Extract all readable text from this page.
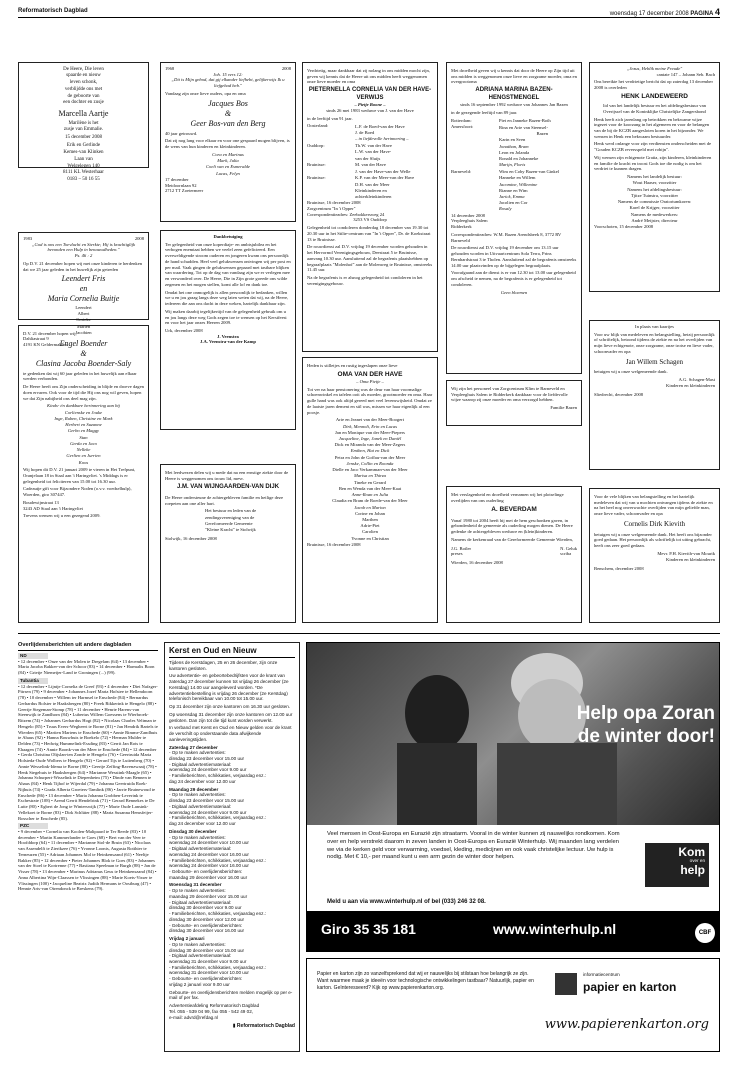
Reformatorisch Dagblad	woensdag 17 december 2008 PAGINA 4
De Heere, Die leven
spaarde en nieuw
leven schonk,
verblijdde ons met
de geboorte van
een dochter en zusje
Marcella Aartje
Marilène is het
zusje van Emmalie.
15 december 2008
Erik en Gerlinde
Kemes-van Klinken
Laan van
Welgelegen 140
8111 KL Westerhaar
0183 – 50 16 55
1983	2008
„God is ons een Toevlucht en Sterkte; Hij is krachtiglijk bevonden een Hulp in benauwdheden."
Ps. 46 : 2

Op D.V. 21 december hopen wij met onze kinderen te herdenken dat we 25 jaar geleden in het huwelijk zijn getreden

Leendert Fris
en
Maria Cornelia Buitje
Leendert
Albert
Corieke
Marien
Jacobien
Dahliastraat 9
4191 KN Geldermalsen

D.V. 21 december hopen wij,

Engel Boender
&
Clasina Jacoba Boender-Saly

te gedenken dat wij 60 jaar geleden in het huwelijk aan elkaar werden verbonden.

De Heere heeft ons Zijn onderscheiding in blijde en droeve dagen doen ervaren. Ook voor de tijd die Hij ons nog wil geven, hopen we dat Zijn nabijheid ons deel mag zijn.

Kinds- én dankbare herinnering aan bij
Corlienske en Jouke
Inge, Ruben, Christine en Mark
Herbert en Suzanne
Gerbo en Maggy
Stan
Gerda en Jaco
Nelleke
Gerlien en Jurrien
Koos

Wij hopen dit D.V. 21 januari 2009 te vieren in Het Trefpunt, Oranjelaan 18 in Staal aan 't Haringvliet. 's Middags is er gelegenheid tot feliciteren van 15.00 tot 16.30 uur.

Cadeautje gift voor Bijzondere Noden (o.v.v. voedselhulp), Woerden, giro 307447.

Boudewijnstraat 13
3243 AD Staal aan 't Haringvliet

Trevens wensen wij u een gezegend 2009.

1968	2008
Joh. 15 vers 12:
„Dit is Mijn gebod, dat gij elkander liefhebt, gelijkerwijs Ik u liefgehad heb."

Vandaag zijn onze lieve ouders, opa en oma

Jacques Bos
&
Geer Bos-van den Berg

40 jaar getrouwd.

Dat zij nog lang voor elkaar en voor one gespaard mogen blijven, is de wens van hun kinderen en kleinkinderen.

Cora en Marinus
Mark, Julia
Coeli van en Esmeralde
Lucas, Felyn
17 december
Meidoornlaan 92
2712 TT Zoetermeer
Dankbetuiging

Ter gelegenheid van onze koperdiaje- en ambtsjubilea en het verbogen enemtaat hebben we veelel zeen gefelicteerd. Een overweldigende stroom ouderen en jongeren kwam ons persoonlijk de hand schudden. Heel veel gelukwensen ontvingen wij per post en per mail. Vaak gingen de gelukwensen gepaard met tastbare blijken van waardering. Tot op de dag van vandaag zijn we er verlegen mee en verwonderd over. De Heere, Die in Zijn grote goeede ons wilde zegenen en het mogen stellen, komt alle lof en dank toe.

Omdat het one onmogelijk is allen persoonlijk te bedanken, willen we u en jou graag langs deze weg laten weten dat wij, na de Heere, iedereen die aan ons dacht in deze weken, hartelijk dankbaar zijn.

Wij maken daarbij tegelijkertijd van de gelegenheid gebruik om u en jou langs deze weg Gods zegen toe te wensen op het Kerstfeest en voor het jaar onzes Heeren 2009.

Urk, december 2008
J. Veenstra
J.A. Veenstra-van der Kamp

Met leedwezen delen wij u mede dat na een ernstige ziekte door de Heere is weggenomen ons trouw lid, mevr.

J.M. VAN WIJNGAARDEN-VAN DIJK

De Heere ondersteune de achtergebleven familie en heilige deze roepeten aan one aller hart.

Het bestuur en leden van de
zendingsvereniging van de
Gereformeerde Gemeente
"Kleine Kracht" te Stolwijk
Stolwijk, 16 december 2008

Verdrietig, maar dankbaar dat zij nolang in ons midden mocht zijn, geven wij kennis dat de Heere uit ons midden heeft weggenomen onze lieve moeder en oma

PIETERNELLA CORNELIA VAN DER HAVE-VERWIJS
– Pietje Boone –
sinds 26 mei 1983 weduwe van J. van der Have

in de leeftijd van 91 jaar.

Oosterland:	L.F. de Boed-van der Have
J. de Boed
– in liefdevolle herinnering –
Ouddorp:	Th.W. van der Have
L.W. van der Have-
van der Sluijs
Bruinisse:	M. van der Have
J. van der Have-van der Welle
Bruinisse:	K.P. van der Meer-van der Have
D.H. van der Meer
Kleinkinderen en
achterkleinkinderen
Bruinisse, 16 december 2008
Zorgcentrum "In 't Opper"
Correspondentieadres: Zeebokkersweg 24
3253 VS Ouddorp

Gelegenheid tot condoleren donderdag 18 december van 19.30 tot 20.30 uur in het Stilte-centrum van "In 't Opper", Dr. de Koekstraat 13 te Bruinisse.

De rouwdienst zal D.V. vrijdag 19 december worden gehouden in het Hervormd Verenigingsgebouw, Deestraat 5 te Bruinisse, aanvang 10.30 uur. Aansluitend zal de begrafenis plaatshebben op begraafplaats "Molenhof" aan de Molenweg te Bruinisse, omstreeks 11.45 uur.

Na de begrafenis is er alsnog gelegenheid tot condoleren in het verenigingsgebouw.

Heden is stilletjes en rustig ingeslapen onze lieve

OMA VAN DER HAVE
– Oma Pietje –

Tot ver na haar pensionering was de deur van haar voormalige schoenwinkel en tafelen ooit als moeder, grootmoeder en oma. Haar gulle hand was ook altijd gereed met veel levenswijsheid. Omdat ze de laatste jaren dement en stil was, missen we haar eigenlijk al een poosje.

Arie en Jeanet van der Meer-Boogert
Dirk, Mennoli, Erin en Lucas
Jan en Monique van der Meer-Piepers
Jacqueline, Inge, Janek en Daniël
Dick en Miranda van der Meer-Zegers
Emiben, Hat en Dick
Petra en John de Goffau-van der Meer
Jenske, Collin en Roonda
Dielle en Jaco Verkamman-van der Meer
Marisa en Thirza
Tineke en Gerard
Ben en Wenda van der Meer-Kaat
Anne-Roan en Julia
Claudia en Bram de Roede-van der Meer
Jacob en Marion
Corine en Johan
Marthen
Adrie-Piet
Carolien
Yvonne en Christian
Bruinisse, 16 december 2008

Met droefheid geven wij u kennis dat door de Heere op Zijn tijd uit ons midden is weggenomen onze lieve en zorgzame moeder, oma en overgrootoma

ADRIANA MARINA BAZEN-HENGSTMENGEL
sinds 16 september 1992 weduwe van Johannes Jan Bazen

in de gezegende leeftijd van 89 jaar.

Rotterdam:	Piet en Janneke Bazen-Both
Amersfoort:	Rina en Arie van Steensel-
Bazen
Karin en Sven
Jonathan, Bram
Leon en Jolanda
Ronald en Johanneke
Marijn, Floris
Barneveld:	Wim en Coby Bazen-van Ginkel
Hanneke en Willem
Jacomine, Willemine
Rianne en Wim
Jarick, Emma
Jacolien en Cor
Rosaly
14 december 2008
Verpleeghuis Salem
Ridderkerk

Correspondentieadres: W.M. Bazen Arendsbeek 8, 3772 RV Barneveld

De rouwdienst zal D.V. vrijdag 19 december om 13.15 uur gehouden worden in Uitvaartcentrum Sola Terra, Prins Bernhardstraat 3 te Tholen. Aansluitend zal de begrafenis omstreeks 14.00 uur plaatsvinden op de bijgelegen begraafplaats.

Voorafgaand aan de dienst is er van 12.30 tot 13.00 uur gelegenheid om afscheid te nemen, na de begrafenis is er gelegenheid tot condoleren.

Geen bloemen

Wij zijn het personeel van Zorgcentrum Klim te Barneveld en Verpleeghuis Salem te Ridderkerk dankbaar voor de liefdevolle wijze waarop zij onze moeder en oma verzorgd hebben.

Familie Bazen

Met verslagenheid en droefheid vernamen wij het plotselinge overlijden van ons ouderling

A. BEVERDAM

Vanaf 1980 tot 2004 heeft hij met de hem geschonken gaven, in gebondenheid de gemeente als ouderling mogen dienen. De Heere gedenke de achtergebleven weduwe en (klein)kinderen.

Namens de kerkenraad van de Gereformeerde Gemeente Wierden,

J.G. Boiler
preses
N. Geluk
scriba
Wierden, 16 december 2008
„Jezus, Heblik meine Freude"
cantate 147 – Johann Seb. Bach

Ons bereikte het verdrietige bericht dat op zaterdag 13 december 2008 is overleden

HENK LANDEWEERD

lid van het landelijk bestuur en het afdelingsbestuur van Overijssel van de Koninklijke Christelijke Zangersbond

Henk heeft zich jarenlang op betrokken en bekwame wijze ingezet voor de koorzang in het algemeen en voor de belangen van de bij de KCZB aangesloten koren in het bijzonder. We wensen in Henk een bekwaam bestuurder.

Henk werd onlange voor zijn verdiensten onderscheiden met de "Gouden KCZB reversspeld met robijn".

Wij wensen zijn echtgenote Gratia, zijn kinderen, kleinkinderen en familie de kracht en troost Gods toe die nodig is om het verdriet te kunnen dragen.

Namens het landelijk bestuur:
Wout Haaser, voorzitter
Namens het afdelingsbestuur:
Tjitze Tuinstra, voorzitter
Namens de commissie Oratoriumkoren:
Karel de Krijger, voorzitter
Namens de medewerkers:
André Meijster, directeur
Voorschoten, 15 december 2008
In plaats van kaartjes

Voor uw blijk van medeleven en belangstelling, hetzij persoonlijk of schriftelijk, betoond tijdens de ziekte en na het overlijden van mijn lieve echtgenote, onze zorgzame, onze trotse en lieve vader, schoonvader en opa

Jan Willem Schagen

betuigen wij u onze welgemeende dank.

A.G. Schagen-Mast
Kinderen en kleinkinderen
Sliedrecht, december 2008

Voor de vele blijken van belangstelling en het hartelijk medeleven dat wij van u mochten ontvangen tijdens de ziekte en na het heel nog onverwachte overlijden van mijn geliefde man, onze lieve vader, schoonvader en opa

Cornelis Dirk Kievith

betuigen wij u onze welgemeende dank. Het heeft ons bijzonder goed gedaan. Het persoonlijk als schriftelijk tot uiting gebracht, heeft ons zeer goed gedaan.

Mevr. P.H. Kievith-van Mourik
Kinderen en kleinkinderen
Benschem, december 2008
Overlijdensberichten uit andere dagbladen
ND
• 12 december • Onze van der Molen te Dregelam (64) • 13 december • Maria Jacoba Bakker-van der Schoor (83) • 14 december • Harmalis Boon (84) • Grietje Niemeijer-Land te Groningen (...) (99).
Tubantia
• 12 december • Lijntje Cornelia de Greef (93) • 4 december • Diet Nafzger-Pitrsen (79) • 9 december • Johannes Jozef Maria Hofstee te Hellendoorn (78) • 10 december • Willem ter Harmsel te Enschede (84) • Bernardus Gerhardus Bolster te Haaksbergen (80) • Freek Rikkerink te Hengelo (88) • Geertje Stegeman-Stomp (78) • 11 december • Henrie Harens-van Steenwijk te Zandhorn (84) • Lubertus Willem Goessens te Wierbroek-Ritzem (74) • Johannes Gerhardus Hogt (82) • Nicolaas Charles Veltman te Hengelo (85) • Truus Evers-Wegheert te Borne (81) • Jan Hendrik Bartels te Wierden (65) • Martien Martens te Enschede (60) • Annie Rimme-Zandhuis te Ahaus (92) • Hanna Bouwhuis te Boekelo (72) • Herman Mulder te Delden (73) • Hedwig Hummelink-Essding (83) • Gerrit Jan Rots te Ehaagen (74) • Annie Boonk-van der Meer te Enschede (84) • 12 december • Gerda Christina Olijslan-ten Zonde te Hengelo (76) • Geertruida Maria Holsteda-Oude Wolbers te Hengelo (92) • Gerard Tijs te Luttenberg (70) • Annie Wesselink-Idema te Borne (80) • Geertje Zeffing-Ravenzwaaij (78) • Henk Stegehuis te Haaksbergen (64) • Marianne Wesstink-Maagle (65) • Johanna Schurpert-Wisselink te Diepenheim (75) • Dinde van Bennen te Ahaus (84) • Henk Tijhof te Wijerdal (79) • Johanna Geertruida Roek-Nijhuis (74) • Grada Alberta Groeters-Tamlink (86) • Jarrie Bruinewoud te Enschede (86) • 13 december • Maria Johanna Grobben-Leverink te Eschestrate (108) • Arend Gerrit Hendelrink (71) • Gerard Bennekes te De Lutte (80) • Egbert de Jong te Winterswijk (77) • Marie Oude Lansink-Vellekoet te Borne (83) • Dirk Schlüter (88) • Maria Susanna Hemsfeijer-Bosscher te Enschede (85).
PZC
• 9 december • Cornelia van Koolen-Malipaard te Ter Reede (83) • 10 december • Martin Kammerlander te Goes (68) • Bert van der Veer te Hoofddorp (64) • 11 december • Marianne Stol-de Bruin (63) • Nicolaas van Assendelft te Zierikzee (76) • Yvonne Loonis, Augusta Rotthier te Terneuzen (55) • Adriaan Johannes Mol te Heinkenszand (61) • Neeltje Bakker (85) • 12 december • Pieter Johannes Blok te Goes (83) • Johannes van der Stoel te Kortrenne (77) • Bastiana Speelman te Burgh (88) • Jan de Visser (78) • 13 december • Marinus Adrianus Geus te Heinkenszand (84) • Anna Albertina Wijn-Claassen te Vlissingen (88) • Marie Koets-Visser te Vlissingen (100) • Jacqueline Beatrix Judith Hermans te Oostburg (47) • Hennie Arts-van Oirendonck te Breskens (79).
Kerst en Oud en Nieuw

Tijdens de Kerstdagen, 25 en 26 december, zijn onze kantoren gesloten.

Uw advertentie- en gebeortebedrijfsten voor de krant van zaterdag 27 december kunnen tot vrijdag 26 december (2e Kerstdag) 14.00 uur aangeleverd worden. *De advertentiebestelling is vrijdag 26 december (2e Kerstdag) telefonisch bereikbaar van 10.00 tot 15.00 uur.

Op 31 december zijn onze kantoren om 16.30 uur gesloten.

Op woensdag 31 december zijn onze kantoren om 12.00 uur gesloten. Dan zijn tot die tijd kunt worden verwerkt.

In verband met Kerst en Oud en Nieuw gelden voor de krant de verschilt op onderstaande data afwijkende aanleveringstijden.

Zaterdag 27 december
- Op te maken advertenties:
dinsdag 23 december voor 15.00 uur
- Digitaal advertentiemateriaal:
woensdag 24 december voor 9.00 uur
- Familieberichten, schikkaties, verjaardag enz.:
dag 24 december voor 12.00 uur
Maandag 29 december
- Op te maken advertenties:
dinsdag 23 december voor 15.00 uur
- Digitaal advertentiemateriaal:
woensdag 24 december voor 9.00 uur
- Familieberichten, schikkaties, verjaardag enz.:
dag 24 december voor 12.00 uur
Dinsdag 30 december
- Op te maken advertenties:
woensdag 24 december voor 10.00 uur
- Digitaal advertentiemateriaal:
woensdag 24 december voor 16.00 uur
- Familieberichten, schikkaties, verjaardag enz.:
woensdag 24 december voor 16.00 uur
- Gebourte- en overlijdensberichten:
maandag 29 december voor 16.00 uur
Woensdag 31 december
- Op te maken advertenties:
maandag 29 december voor 15.00 uur
- Digitaal advertentiemateriaal:
dinsdag 30 december voor 9.00 uur
- Familieberichten, schikkaties, verjaardag enz.:
dinsdag 30 december voor 12.00 uur
- Gebourte- en overlijdensberichten:
dinsdag 30 december voor 16.00 uur
Vrijdag 2 januari
- Op te maken advertenties:
dinsdag 30 december voor 15.00 uur
- Digitaal advertentiemateriaal:
woensdag 31 december voor 9.00 uur
- Familieberichten, schikkaties, verjaardag enz.:
woensdag 31 december voor 10.00 uur
- Gebourte- en overlijdensberichten:
vrijdag 2 januari voor 9.00 uur

Gebourte- en overlijdensberichten melden mogelijk op per e-mail of per fax.

Advertentieafdeling Reformatorisch Dagblad
Tel. 055 - 539 04 99, fax 055 - 542 49 02,
e-mail: advrd@refdag.nl
▮ Reformatorisch Dagblad
Help opa Zoran
de winter door!
Veel mensen in Oost-Europa en Eurazië zijn straatarm. Vooral in de winter kunnen zij nauwelijks rondkomen. Kom over en help verstrekt daarom in zeven landen in Oost-Europa en Eurazië Winterhulp. Wij maanden lang verdelen we via de kerken geld voor verwarming, voedsel, kleding, medicijnen en ook vaak christelijke lectuur. Uw hulp is nodig. Met € 10,- per maand kunt u een arm gezin de winter door helpen.	Kom
over en
help
Meld u aan via www.winterhulp.nl of bel (033) 246 32 08.
Giro 35 35 181	www.winterhulp.nl	CBF
Papier en karton zijn zo vanzelfsprekend dat wij er nauwelijks bij stilstaan hoe belangrijk ze zijn. Want waarmee maak je ideeën voor technologische ontwikkelingen tastbaar? Natuurlijk, papier en karton. Geïnteresseerd? Kijk op www.papierenkarton.org.
informatiecentrum
papier en karton
www.papierenkarton.org
